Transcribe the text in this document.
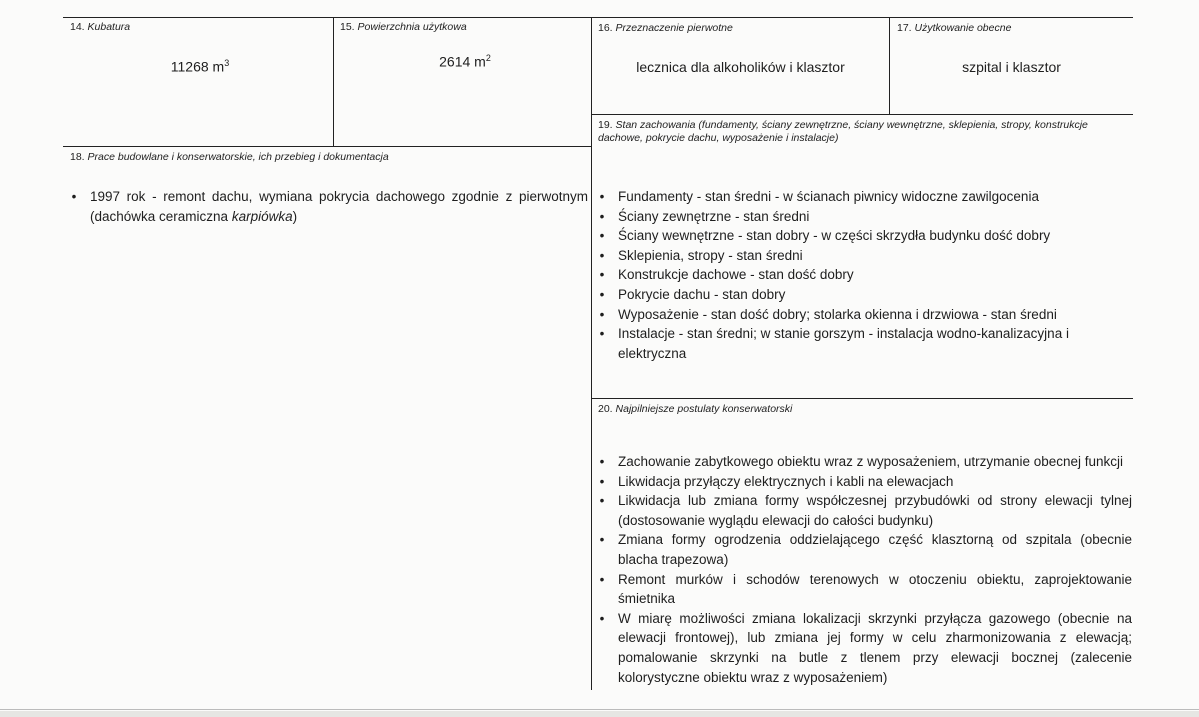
14. Kubatura
11268 $m^3$
15. Powierzchnia użytkowa
2614 $m^2$
16. Przeznaczenie pierwotne
lecznica dla alkoholików i klasztor
17. Użytkowanie obecne
szpital i klasztor
18. Prace budowlane i konserwatorskie, ich przebieg i dokumentacja
• 1997 rok - remont dachu, wymiana pokrycia dachowego zgodnie z pierwotnym (dachówka ceramiczna karpiówka)
19. Stan zachowania (fundamenty, ściany zewnętrzne, ściany wewnętrzne, sklepienia, stropy, konstrukcje dachowe, pokrycie dachu, wyposażenie i instalacje)
• Fundamenty - stan średni - w ścianach piwnicy widoczne zawilgocenia
• Ściany zewnętrzne - stan średni
• Ściany wewnętrzne - stan dobry - w części skrzydła budynku dość dobry
• Sklepienia, stropy - stan średni
• Konstrukcje dachowe - stan dość dobry
• Pokrycie dachu - stan dobry
• Wyposażenie - stan dość dobry; stolarka okienna i drzwiowa - stan średni
• Instalacje - stan średni; w stanie gorszym - instalacja wodno-kanalizacyjna i elektryczna
20. Najpilniejsze postulaty konserwatorski
• Zachowanie zabytkowego obiektu wraz z wyposażeniem, utrzymanie obecnej funkcji
• Likwidacja przyłączy elektrycznych i kabli na elewacjach
• Likwidacja lub zmiana formy współczesnej przybudówki od strony elewacji tylnej (dostosowanie wyglądu elewacji do całości budynku)
• Zmiana formy ogrodzenia oddzielającego część klasztorną od szpitala (obecnie blacha trapezowa)
• Remont murków i schodów terenowych w otoczeniu obiektu, zaprojektowanie śmietnika
• W miarę możliwości zmiana lokalizacji skrzynki przyłącza gazowego (obecnie na elewacji frontowej), lub zmiana jej formy w celu zharmonizowania z elewacją; pomalowanie skrzynki na butle z tlenem przy elewacji bocznej (zalecenie kolorystyczne obiektu wraz z wyposażeniem)
